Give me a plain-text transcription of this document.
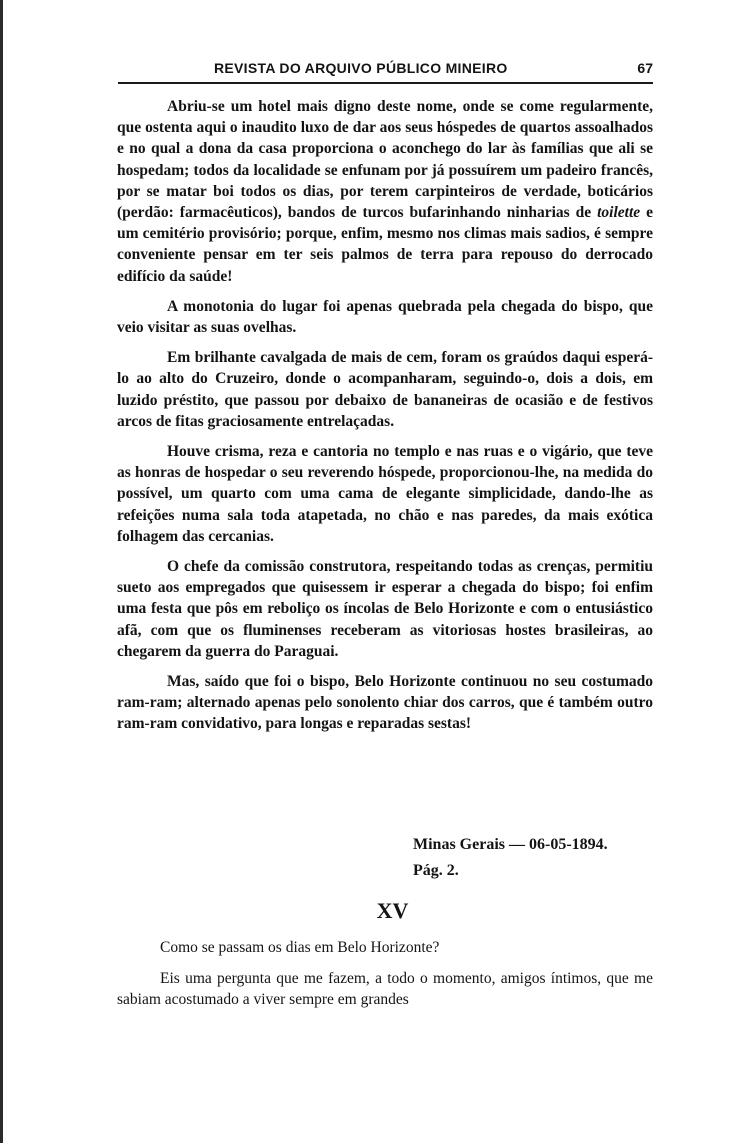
REVISTA DO ARQUIVO PÚBLICO MINEIRO	67

Abriu-se um hotel mais digno deste nome, onde se come regularmente, que ostenta aqui o inaudito luxo de dar aos seus hóspedes de quartos assoalhados e no qual a dona da casa proporciona o aconchego do lar às famílias que ali se hospedam; todos da localidade se enfunam por já possuírem um padeiro francês, por se matar boi todos os dias, por terem carpinteiros de verdade, boticários (perdão: farmacêuticos), bandos de turcos bufarinhando ninharias de toilette e um cemitério provisório; porque, enfim, mesmo nos climas mais sadios, é sempre conveniente pensar em ter seis palmos de terra para repouso do derrocado edifício da saúde!

A monotonia do lugar foi apenas quebrada pela chegada do bispo, que veio visitar as suas ovelhas.

Em brilhante cavalgada de mais de cem, foram os graúdos daqui esperá-lo ao alto do Cruzeiro, donde o acompanharam, seguindo-o, dois a dois, em luzido préstito, que passou por debaixo de bananeiras de ocasião e de festivos arcos de fitas graciosamente entrelaçadas.

Houve crisma, reza e cantoria no templo e nas ruas e o vigário, que teve as honras de hospedar o seu reverendo hóspede, proporcionou-lhe, na medida do possível, um quarto com uma cama de elegante simplicidade, dando-lhe as refeições numa sala toda atapetada, no chão e nas paredes, da mais exótica folhagem das cercanias.

O chefe da comissão construtora, respeitando todas as crenças, permitiu sueto aos empregados que quisessem ir esperar a chegada do bispo; foi enfim uma festa que pôs em reboliço os íncolas de Belo Horizonte e com o entusiástico afã, com que os fluminenses receberam as vitoriosas hostes brasileiras, ao chegarem da guerra do Paraguai.

Mas, saído que foi o bispo, Belo Horizonte continuou no seu costumado ram-ram; alternado apenas pelo sonolento chiar dos carros, que é também outro ram-ram convidativo, para longas e reparadas sestas!

Minas Gerais — 06-05-1894.
Pág. 2.
XV

Como se passam os dias em Belo Horizonte?

Eis uma pergunta que me fazem, a todo o momento, amigos íntimos, que me sabiam acostumado a viver sempre em grandes
